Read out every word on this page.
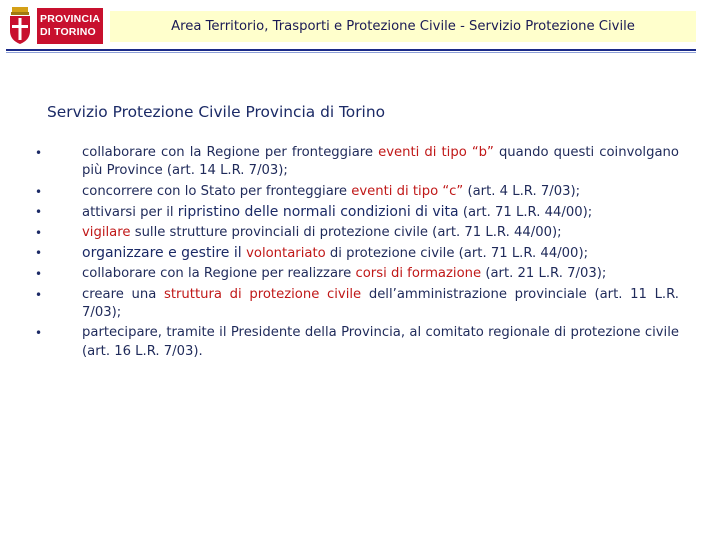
PROVINCIA
DI TORINO	Area Territorio, Trasporti e Protezione Civile - Servizio Protezione Civile
Servizio Protezione Civile Provincia di Torino
• collaborare con la Regione per fronteggiare eventi di tipo “b” quando questi coinvolgano più Province (art. 14 L.R. 7/03);
• concorrere con lo Stato per fronteggiare eventi di tipo “c” (art. 4 L.R. 7/03);
• attivarsi per il ripristino delle normali condizioni di vita (art. 71 L.R. 44/00);
• vigilare sulle strutture provinciali di protezione civile (art. 71 L.R. 44/00);
• organizzare e gestire il volontariato di protezione civile (art. 71 L.R. 44/00);
• collaborare con la Regione per realizzare corsi di formazione (art. 21 L.R. 7/03);
• creare una struttura di protezione civile dell’amministrazione provinciale (art. 11 L.R. 7/03);
• partecipare, tramite il Presidente della Provincia, al comitato regionale di protezione civile (art. 16 L.R. 7/03).
